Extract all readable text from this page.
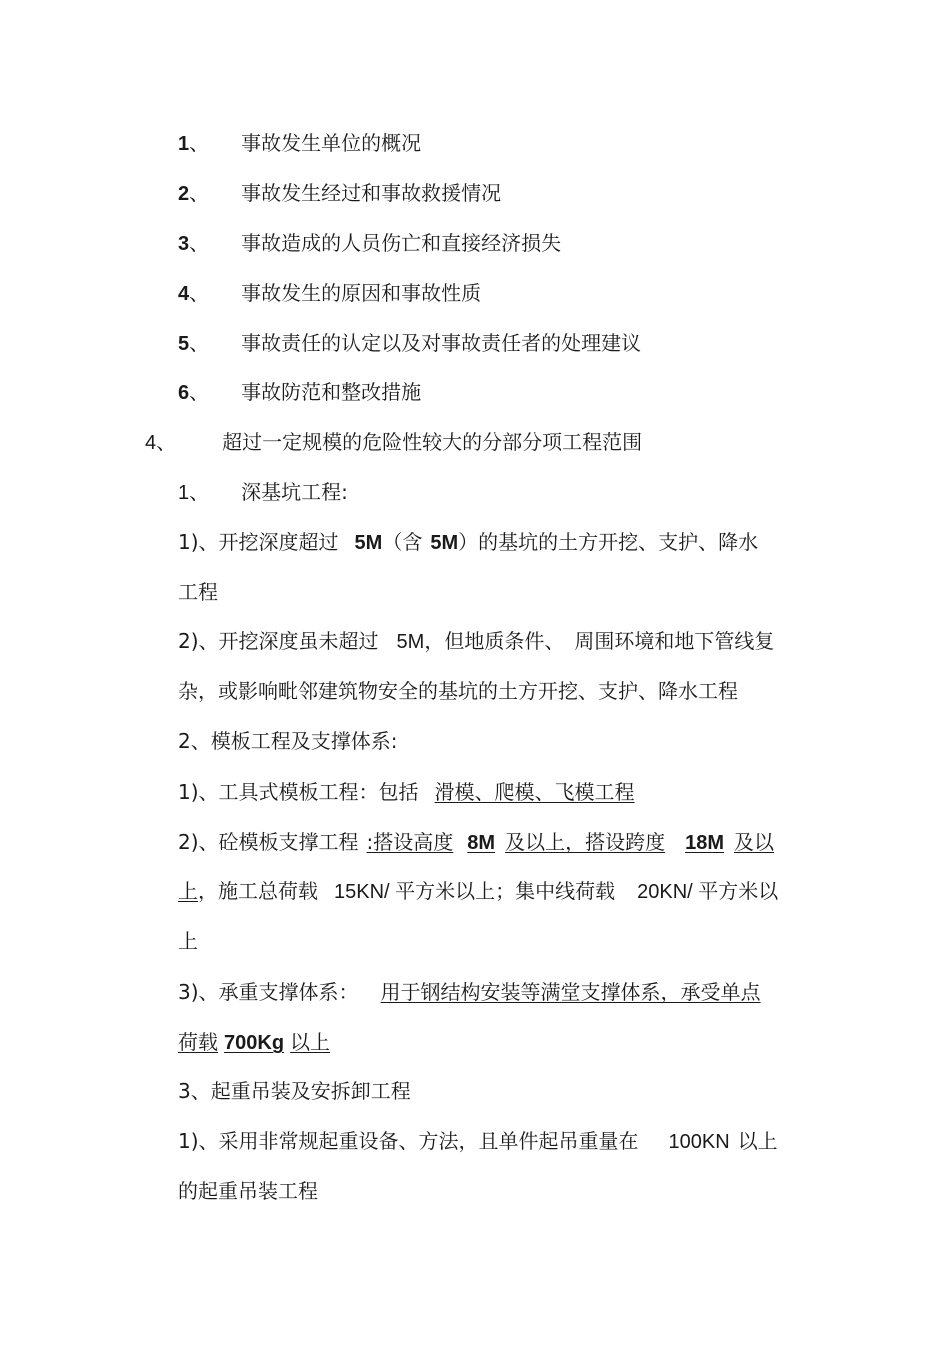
1、 事故发生单位的概况
2、 事故发生经过和事故救援情况
3、 事故造成的人员伤亡和直接经济损失
4、 事故发生的原因和事故性质
5、 事故责任的认定以及对事故责任者的处理建议
6、 事故防范和整改措施
4、 超过一定规模的危险性较大的分部分项工程范围
1、 深基坑工程:
1)、开挖深度超过 5M（含 5M）的基坑的土方开挖、支护、降水
工程
2)、开挖深度虽未超过 5M，但地质条件、 周围环境和地下管线复
杂，或影响毗邻建筑物安全的基坑的土方开挖、支护、降水工程
2、模板工程及支撑体系:
1)、工具式模板工程：包括 滑模、爬模、飞模工程
2)、砼模板支撑工程 :搭设高度 8M 及以上，搭设跨度 18M 及以
上，施工总荷载 15KN/ 平方米以上；集中线荷载 20KN/ 平方米以
上
3)、承重支撑体系： 用于钢结构安装等满堂支撑体系，承受单点
荷载 700Kg 以上
3、起重吊装及安拆卸工程
1)、采用非常规起重设备、方法，且单件起吊重量在 100KN 以上
的起重吊装工程
